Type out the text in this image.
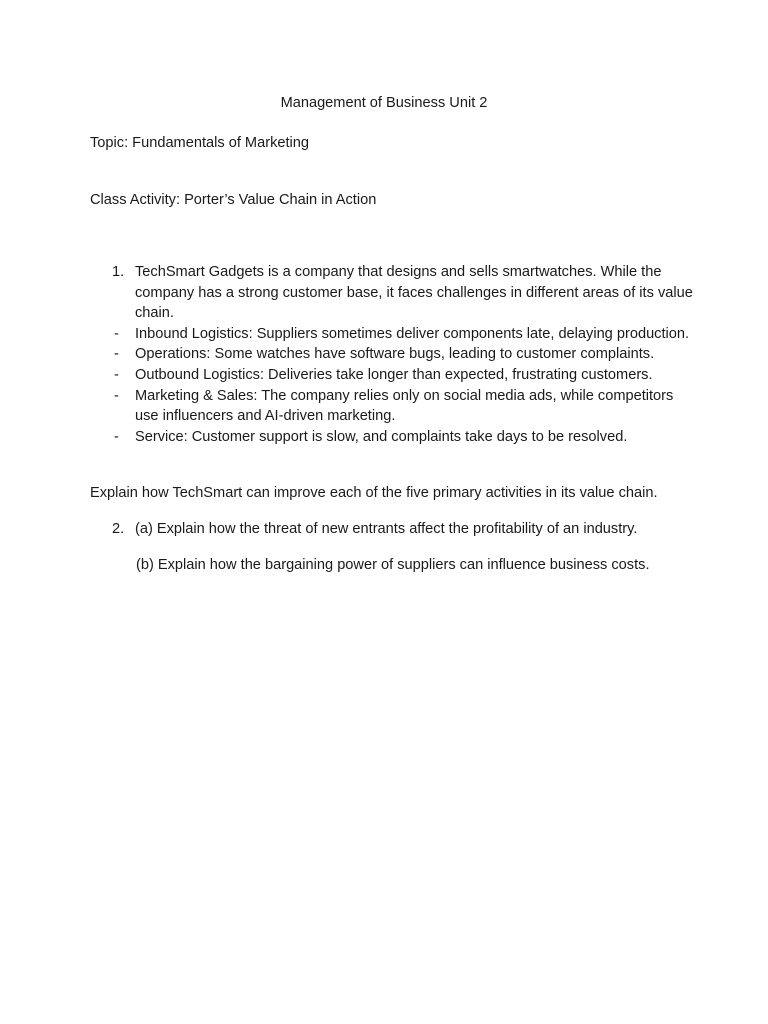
Management of Business Unit 2
Topic: Fundamentals of Marketing
Class Activity: Porter’s Value Chain in Action
1. TechSmart Gadgets is a company that designs and sells smartwatches. While the company has a strong customer base, it faces challenges in different areas of its value chain.
-	Inbound Logistics: Suppliers sometimes deliver components late, delaying production.
-	Operations: Some watches have software bugs, leading to customer complaints.
-	Outbound Logistics: Deliveries take longer than expected, frustrating customers.
-	Marketing & Sales: The company relies only on social media ads, while competitors use influencers and AI-driven marketing.
-	Service: Customer support is slow, and complaints take days to be resolved.
Explain how TechSmart can improve each of the five primary activities in its value chain.
2. (a) Explain how the threat of new entrants affect the profitability of an industry.
(b) Explain how the bargaining power of suppliers can influence business costs.
